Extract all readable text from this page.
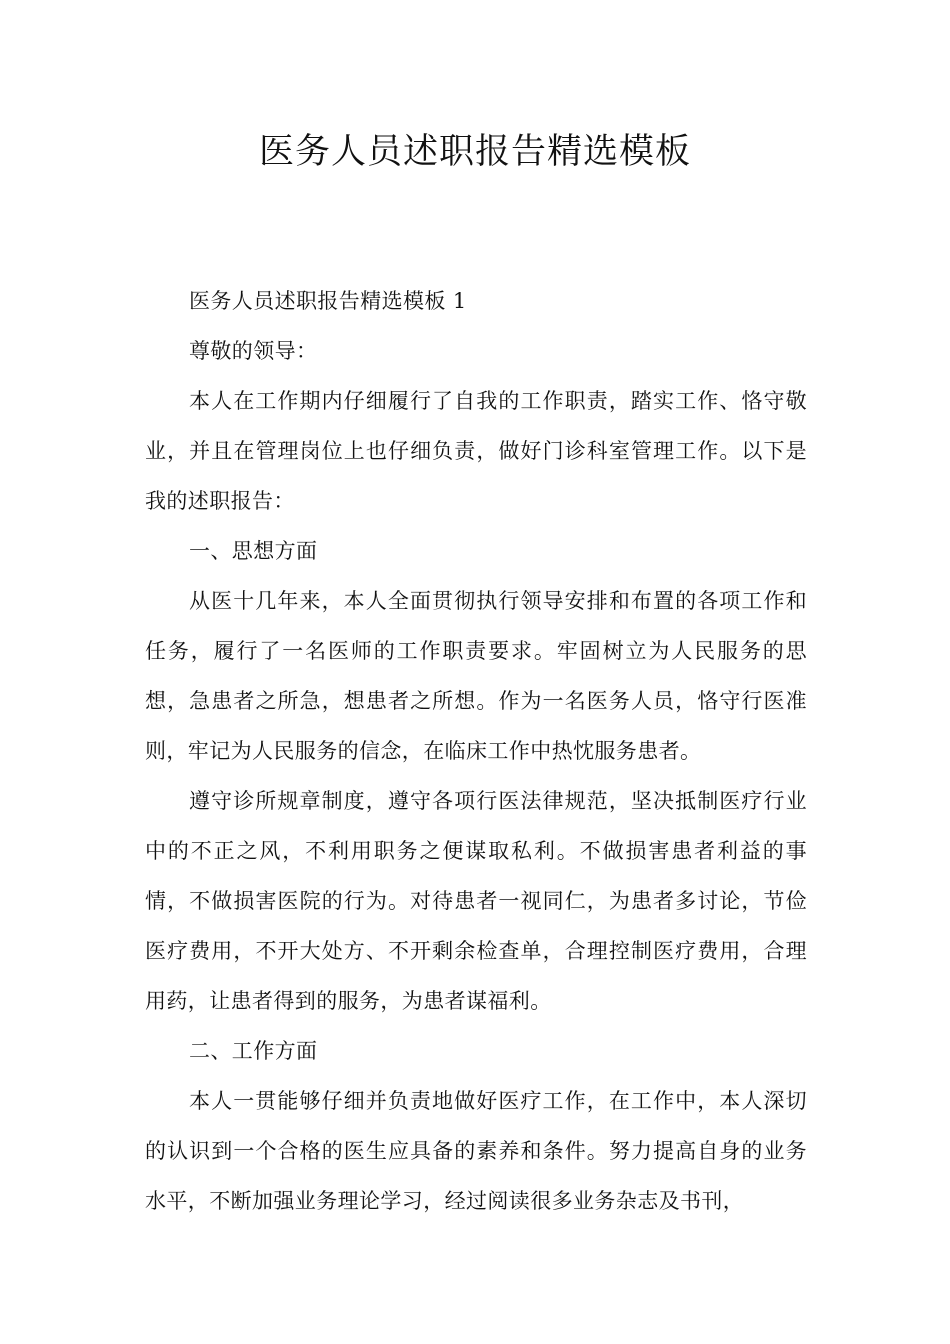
医务人员述职报告精选模板

医务人员述职报告精选模板 1

尊敬的领导：

本人在工作期内仔细履行了自我的工作职责，踏实工作、恪守敬业，并且在管理岗位上也仔细负责，做好门诊科室管理工作。以下是我的述职报告：

一、思想方面

从医十几年来，本人全面贯彻执行领导安排和布置的各项工作和任务，履行了一名医师的工作职责要求。牢固树立为人民服务的思想，急患者之所急，想患者之所想。作为一名医务人员，恪守行医准则，牢记为人民服务的信念，在临床工作中热忱服务患者。

遵守诊所规章制度，遵守各项行医法律规范，坚决抵制医疗行业中的不正之风，不利用职务之便谋取私利。不做损害患者利益的事情，不做损害医院的行为。对待患者一视同仁，为患者多讨论，节俭医疗费用，不开大处方、不开剩余检查单，合理控制医疗费用，合理用药，让患者得到的服务，为患者谋福利。

二、工作方面

本人一贯能够仔细并负责地做好医疗工作，在工作中，本人深切的认识到一个合格的医生应具备的素养和条件。努力提高自身的业务水平，不断加强业务理论学习，经过阅读很多业务杂志及书刊，
